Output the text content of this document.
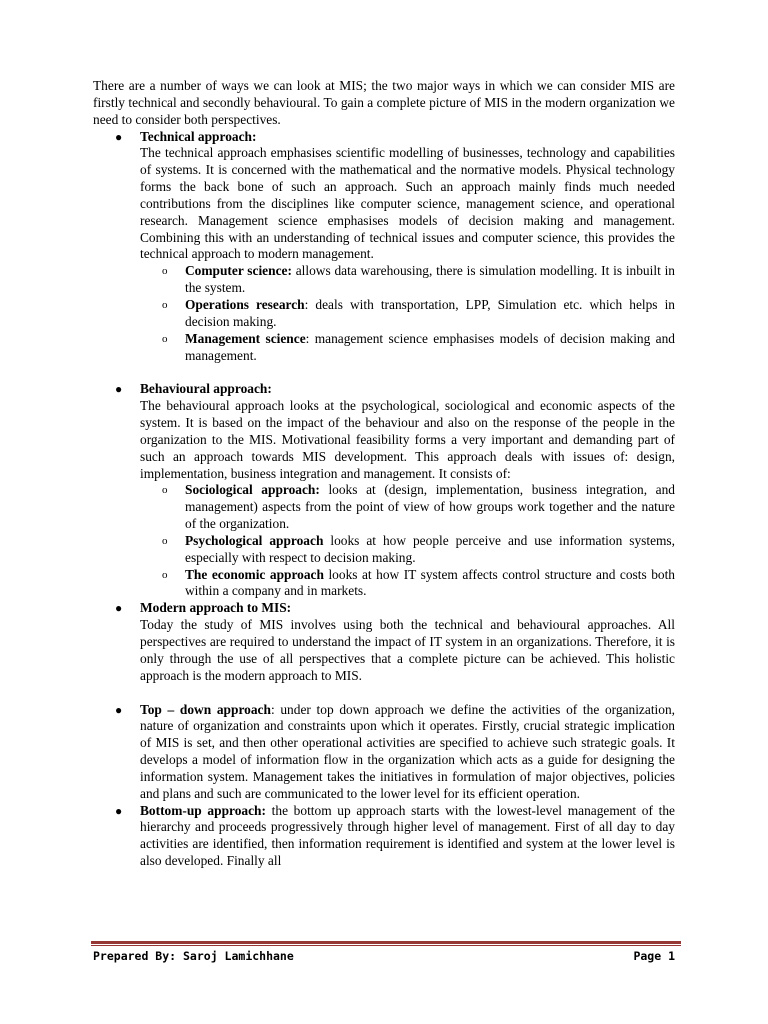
There are a number of ways we can look at MIS; the two major ways in which we can consider MIS are firstly technical and secondly behavioural. To gain a complete picture of MIS in the modern organization we need to consider both perspectives.

● Technical approach:
The technical approach emphasises scientific modelling of businesses, technology and capabilities of systems. It is concerned with the mathematical and the normative models. Physical technology forms the back bone of such an approach. Such an approach mainly finds much needed contributions from the disciplines like computer science, management science, and operational research. Management science emphasises models of decision making and management. Combining this with an understanding of technical issues and computer science, this provides the technical approach to modern management.
o Computer science: allows data warehousing, there is simulation modelling. It is inbuilt in the system.
o Operations research: deals with transportation, LPP, Simulation etc. which helps in decision making.
o Management science: management science emphasises models of decision making and management.
● Behavioural approach:
The behavioural approach looks at the psychological, sociological and economic aspects of the system. It is based on the impact of the behaviour and also on the response of the people in the organization to the MIS. Motivational feasibility forms a very important and demanding part of such an approach towards MIS development. This approach deals with issues of: design, implementation, business integration and management. It consists of:
o Sociological approach: looks at (design, implementation, business integration, and management) aspects from the point of view of how groups work together and the nature of the organization.
o Psychological approach looks at how people perceive and use information systems, especially with respect to decision making.
o The economic approach looks at how IT system affects control structure and costs both within a company and in markets.
● Modern approach to MIS:
Today the study of MIS involves using both the technical and behavioural approaches. All perspectives are required to understand the impact of IT system in an organizations. Therefore, it is only through the use of all perspectives that a complete picture can be achieved. This holistic approach is the modern approach to MIS.
● Top – down approach: under top down approach we define the activities of the organization, nature of organization and constraints upon which it operates. Firstly, crucial strategic implication of MIS is set, and then other operational activities are specified to achieve such strategic goals. It develops a model of information flow in the organization which acts as a guide for designing the information system. Management takes the initiatives in formulation of major objectives, policies and plans and such are communicated to the lower level for its efficient operation.
● Bottom-up approach: the bottom up approach starts with the lowest-level management of the hierarchy and proceeds progressively through higher level of management. First of all day to day activities are identified, then information requirement is identified and system at the lower level is also developed. Finally all
Prepared By: Saroj Lamichhane	Page 1
